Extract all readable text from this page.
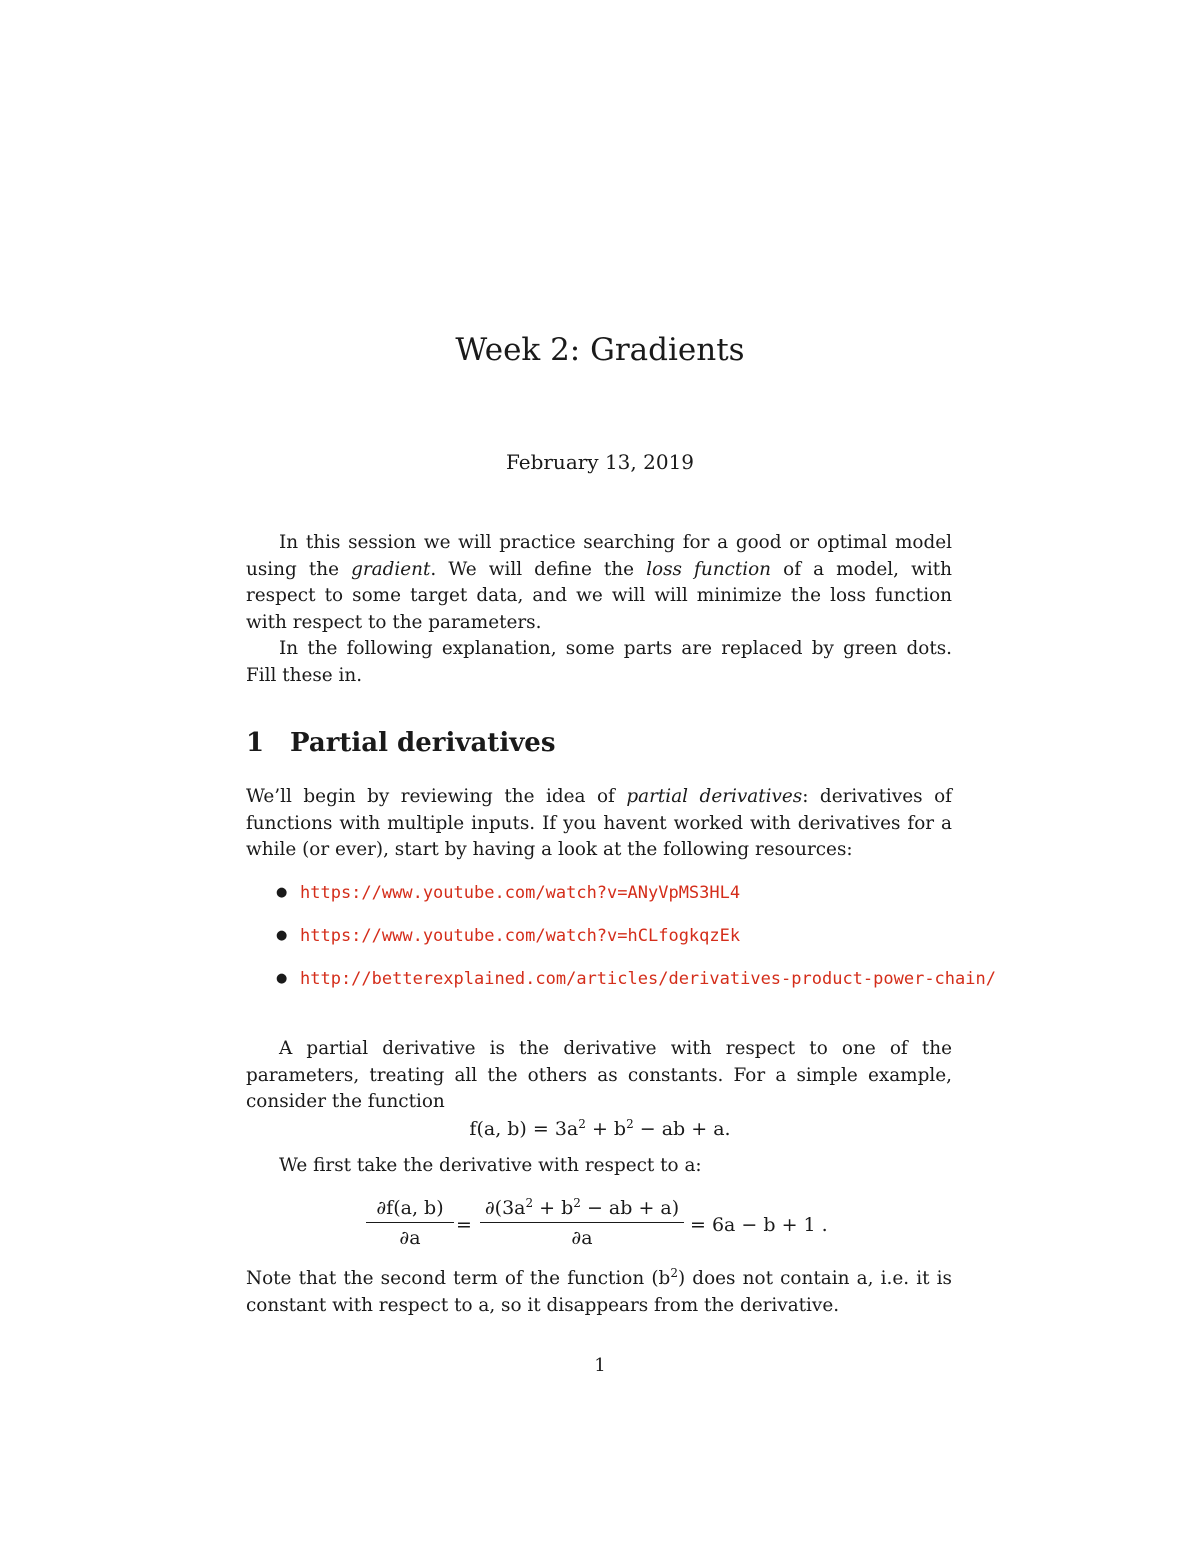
Week 2: Gradients
February 13, 2019
In this session we will practice searching for a good or optimal model using the gradient. We will define the loss function of a model, with respect to some target data, and we will will minimize the loss function with respect to the parameters.
In the following explanation, some parts are replaced by green dots. Fill these in.
1 Partial derivatives
We’ll begin by reviewing the idea of partial derivatives: derivatives of functions with multiple inputs. If you havent worked with derivatives for a while (or ever), start by having a look at the following resources:
● https://www.youtube.com/watch?v=ANyVpMS3HL4
● https://www.youtube.com/watch?v=hCLfogkqzEk
● http://betterexplained.com/articles/derivatives-product-power-chain/
A partial derivative is the derivative with respect to one of the parameters, treating all the others as constants. For a simple example, consider the function
f(a, $b) = 3a^2 + b^2$ − ab + a.
We first take the derivative with respect to a:
∂f(a, b)
∂a
=
$\partial(3a^2 + b^2$ − ab + a)
∂a
= 6a − b + 1 .
Note that the second term of the function $(b^2)$ does not contain a, i.e. it is constant with respect to a, so it disappears from the derivative.
1
